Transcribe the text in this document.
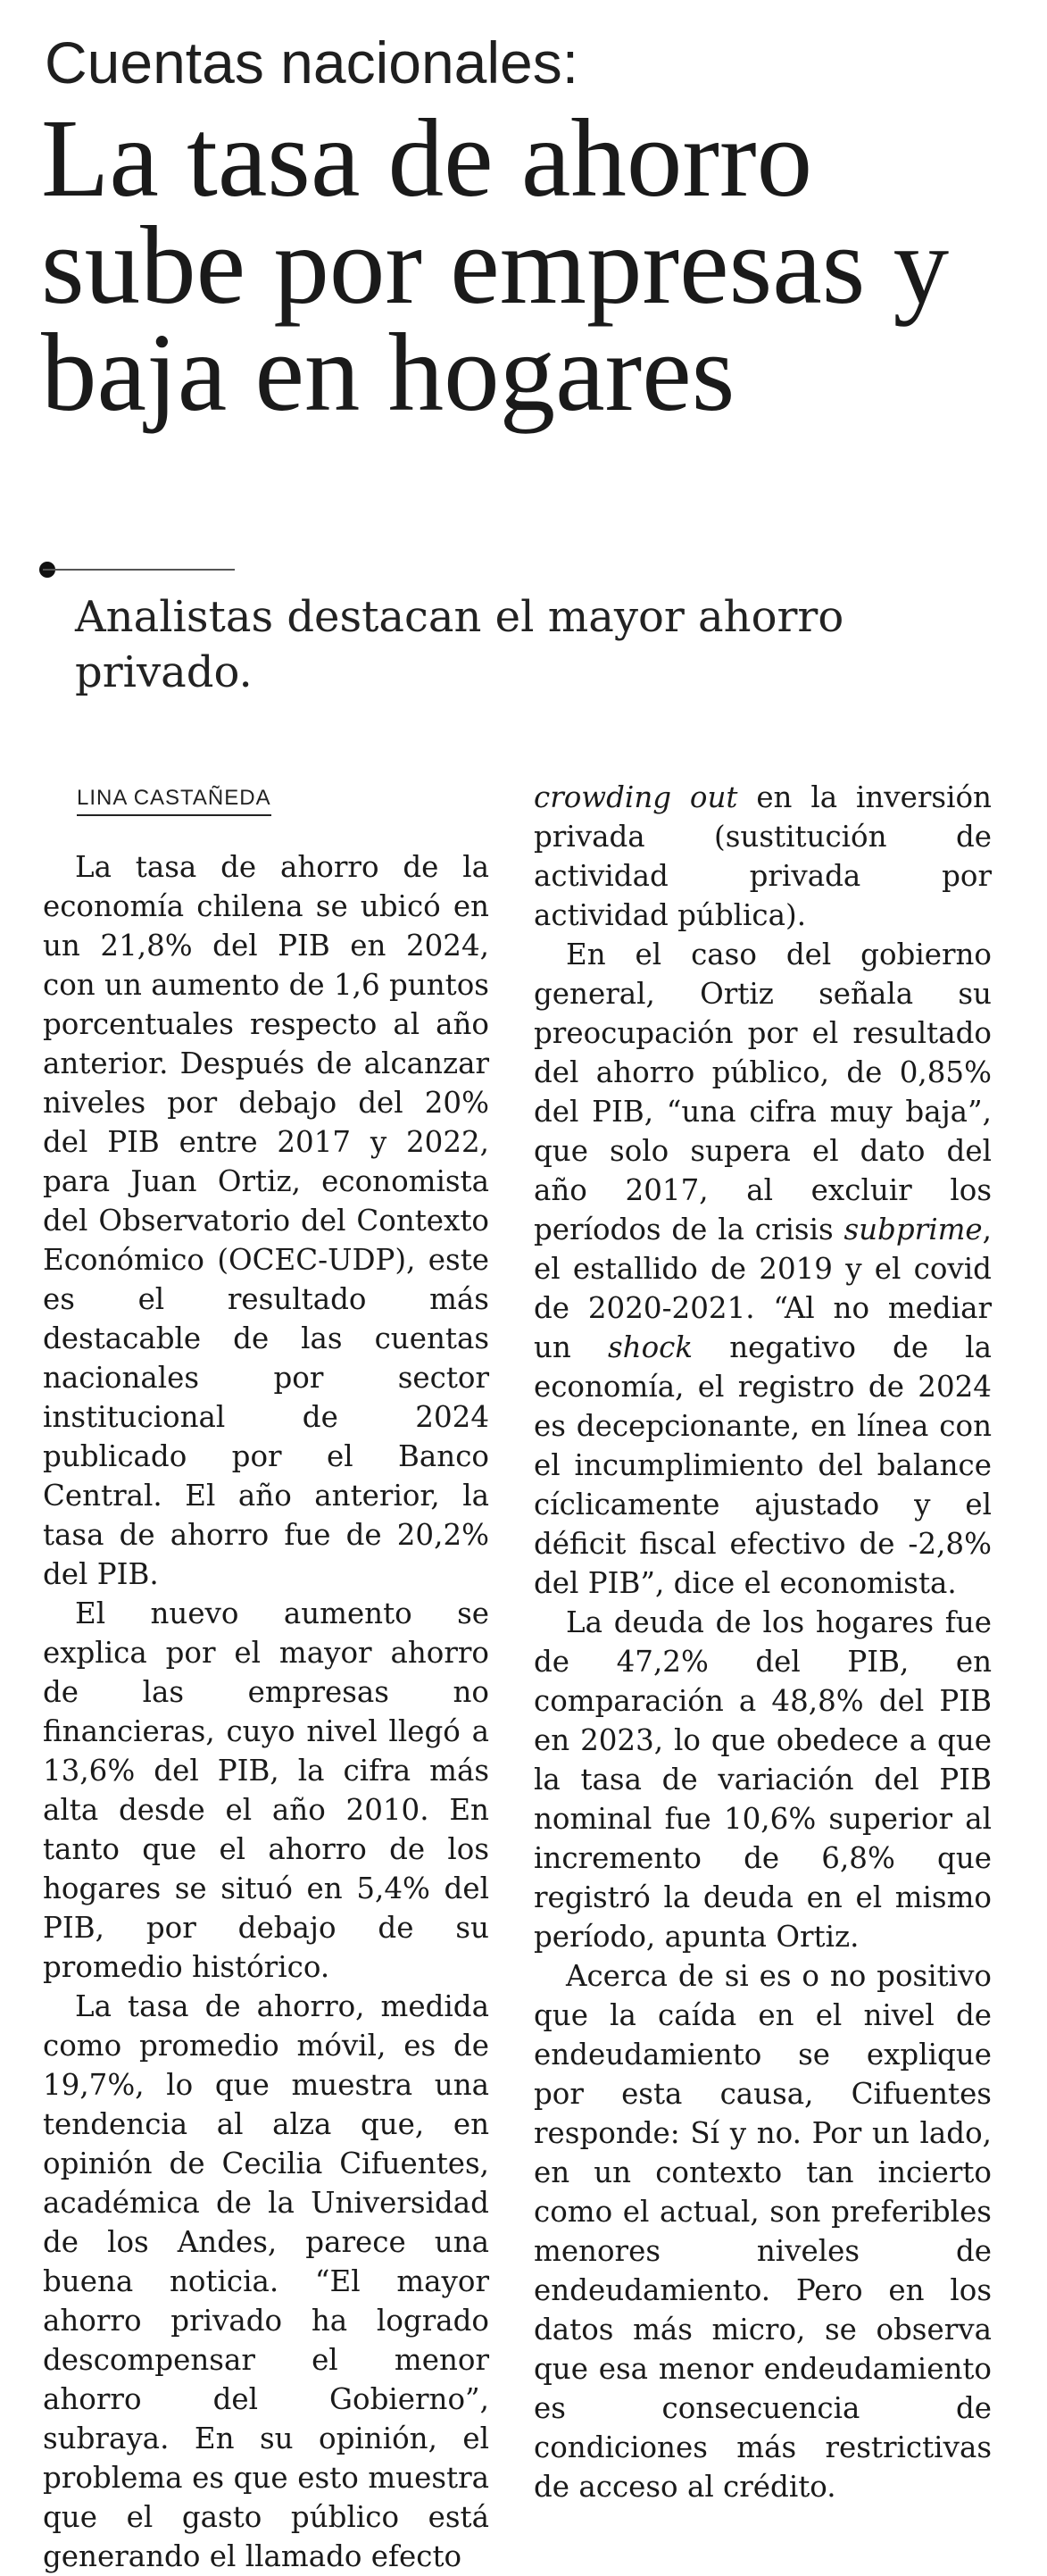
Cuentas nacionales:
La tasa de ahorro sube por empresas y baja en hogares
Analistas destacan el mayor ahorro privado.
LINA CASTAÑEDA

La tasa de ahorro de la economía chilena se ubicó en un 21,8% del PIB en 2024, con un aumento de 1,6 puntos porcentuales respecto al año anterior. Después de alcanzar niveles por debajo del 20% del PIB entre 2017 y 2022, para Juan Ortiz, economista del Observatorio del Contexto Económico (OCEC-UDP), este es el resultado más destacable de las cuentas nacionales por sector institucional de 2024 publicado por el Banco Central. El año anterior, la tasa de ahorro fue de 20,2% del PIB.

El nuevo aumento se explica por el mayor ahorro de las empresas no financieras, cuyo nivel llegó a 13,6% del PIB, la cifra más alta desde el año 2010. En tanto que el ahorro de los hogares se situó en 5,4% del PIB, por debajo de su promedio histórico.

La tasa de ahorro, medida como promedio móvil, es de 19,7%, lo que muestra una tendencia al alza que, en opinión de Cecilia Cifuentes, académica de la Universidad de los Andes, parece una buena noticia. “El mayor ahorro privado ha logrado descompensar el menor ahorro del Gobierno”, subraya. En su opinión, el problema es que esto muestra que el gasto público está generando el llamado efecto

crowding out en la inversión privada (sustitución de actividad privada por actividad pública).

En el caso del gobierno general, Ortiz señala su preocupación por el resultado del ahorro público, de 0,85% del PIB, “una cifra muy baja”, que solo supera el dato del año 2017, al excluir los períodos de la crisis subprime, el estallido de 2019 y el covid de 2020-2021. “Al no mediar un shock negativo de la economía, el registro de 2024 es decepcionante, en línea con el incumplimiento del balance cíclicamente ajustado y el déficit fiscal efectivo de -2,8% del PIB”, dice el economista.

La deuda de los hogares fue de 47,2% del PIB, en comparación a 48,8% del PIB en 2023, lo que obedece a que la tasa de variación del PIB nominal fue 10,6% superior al incremento de 6,8% que registró la deuda en el mismo período, apunta Ortiz.

Acerca de si es o no positivo que la caída en el nivel de endeudamiento se explique por esta causa, Cifuentes responde: Sí y no. Por un lado, en un contexto tan incierto como el actual, son preferibles menores niveles de endeudamiento. Pero en los datos más micro, se observa que esa menor endeudamiento es consecuencia de condiciones más restrictivas de acceso al crédito.
